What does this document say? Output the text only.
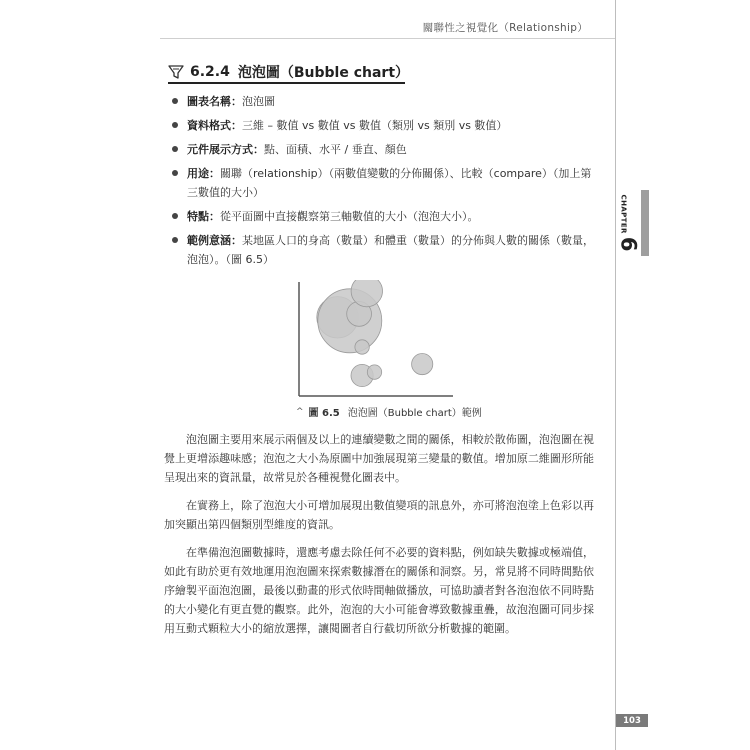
關聯性之視覺化（Relationship）
CHAPTER
6
6.2.4 泡泡圖（Bubble chart）
圖表名稱：泡泡圖
資料格式：三維 – 數值 vs 數值 vs 數值（類別 vs 類別 vs 數值）
元件展示方式：點、面積、水平 / 垂直、顏色
用途：關聯（relationship）（兩數值變數的分佈關係）、比較（compare）（加上第三數值的大小）
特點：從平面圖中直接觀察第三軸數值的大小（泡泡大小）。
範例意涵：某地區人口的身高（數量）和體重（數量）的分佈與人數的關係（數量，泡泡）。（圖 6.5）
^ 圖 6.5 泡泡圖（Bubble chart）範例

泡泡圖主要用來展示兩個及以上的連續變數之間的關係，相較於散佈圖，泡泡圖在視覺上更增添趣味感；泡泡之大小為原圖中加強展現第三變量的數值。增加原二維圖形所能呈現出來的資訊量，故常見於各種視覺化圖表中。

在實務上，除了泡泡大小可增加展現出數值變項的訊息外，亦可將泡泡塗上色彩以再加突顯出第四個類別型維度的資訊。

在準備泡泡圖數據時，還應考慮去除任何不必要的資料點，例如缺失數據或極端值，如此有助於更有效地運用泡泡圖來探索數據潛在的關係和洞察。另，常見將不同時間點依序繪製平面泡泡圖，最後以動畫的形式依時間軸做播放，可協助讀者對各泡泡依不同時點的大小變化有更直覺的觀察。此外，泡泡的大小可能會導致數據重疊，故泡泡圖可同步採用互動式顆粒大小的縮放選擇，讓閱圖者自行截切所欲分析數據的範圍。

103
